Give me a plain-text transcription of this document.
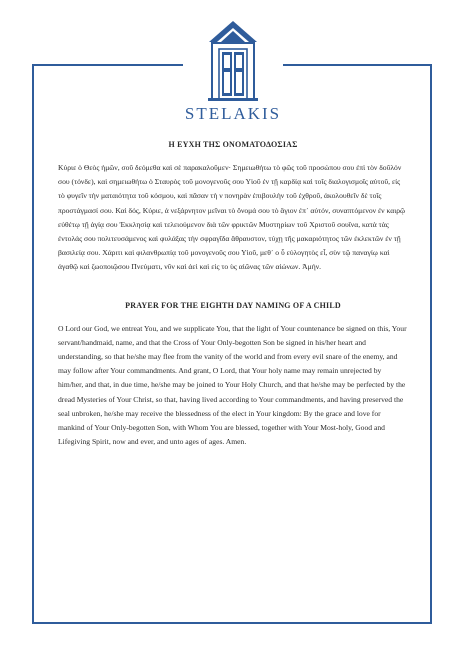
STELAKIS
Η ΕΥΧΗ ΤΗΣ ΟΝΟΜΑΤΟΔΟΣΙΑΣ

Κύριε ὁ Θεὸς ἡμῶν, σοῦ δεόμεθα καὶ σὲ παρακαλοῦμεν· Σημειωθήτω τὸ φῶς τοῦ προσώπου σου ἐπὶ τὸν δοῦλόν σου (τόνδε), καὶ σημειωθήτω ὁ Σταυρὸς τοῦ μονογενοῦς σου Υἱοῦ ἐν τῇ καρδίᾳ καὶ τοῖς διαλογισμοῖς αὐτοῦ, εἰς τὸ φυγεῖν τὴν ματαιότητα τοῦ κόσμου, καὶ πᾶσαν τὴ ν πονηρὰν ἐπιβουλὴν τοῦ ἐχθροῦ, ἀκολουθεῖν δὲ τοῖς προστάγμασί σου. Καὶ δός, Κύριε, ἀ νεξάρνητον μεῖναι τὸ ὄνομά σου τὸ ἅγιον ἐπ᾿ αὐτόν, συναπτόμενον ἐν καιρῷ εὐθέτῳ τῇ ἁγίᾳ σου Ἐκκλησίᾳ καὶ τελειούμενον διὰ τῶν φρικτῶν Μυστηρίων τοῦ Χριστοῦ σουἵνα, κατὰ τὰς ἐντολάς σου πολιτευσάμενος καὶ φυλάξας τὴν σφραγῖδα ἄθραυστον, τύχῃ τῆς μακαριότητος τῶν ἐκλεκτῶν ἐν τῇ βασιλείᾳ σου. Χάριτι καὶ φιλανθρωπίᾳ τοῦ μονογενοῦς σου Υἱοῦ, μεθ᾿ ο ὗ εὐλογητὸς εἶ, σὺν τῷ παναγίῳ καὶ ἀγαθῷ καὶ ζωοποιῷσου Πνεύματι, νῦν καὶ ἀεὶ καὶ εἰς το ὺς αἰῶνας τῶν αἰώνων. Ἀμήν.

PRAYER FOR THE EIGHTH DAY NAMING OF A CHILD

O Lord our God, we entreat You, and we supplicate You, that the light of Your countenance be signed on this, Your servant/handmaid, name, and that the Cross of Your Only-begotten Son be signed in his/her heart and understanding, so that he/she may flee from the vanity of the world and from every evil snare of the enemy, and may follow after Your commandments. And grant, O Lord, that Your holy name may remain unrejected by him/her, and that, in due time, he/she may be joined to Your Holy Church, and that he/she may be perfected by the dread Mysteries of Your Christ, so that, having lived according to Your commandments, and having preserved the seal unbroken, he/she may receive the blessedness of the elect in Your kingdom: By the grace and love for mankind of Your Only-begotten Son, with Whom You are blessed, together with Your Most-holy, Good and Lifegiving Spirit, now and ever, and unto ages of ages. Amen.
